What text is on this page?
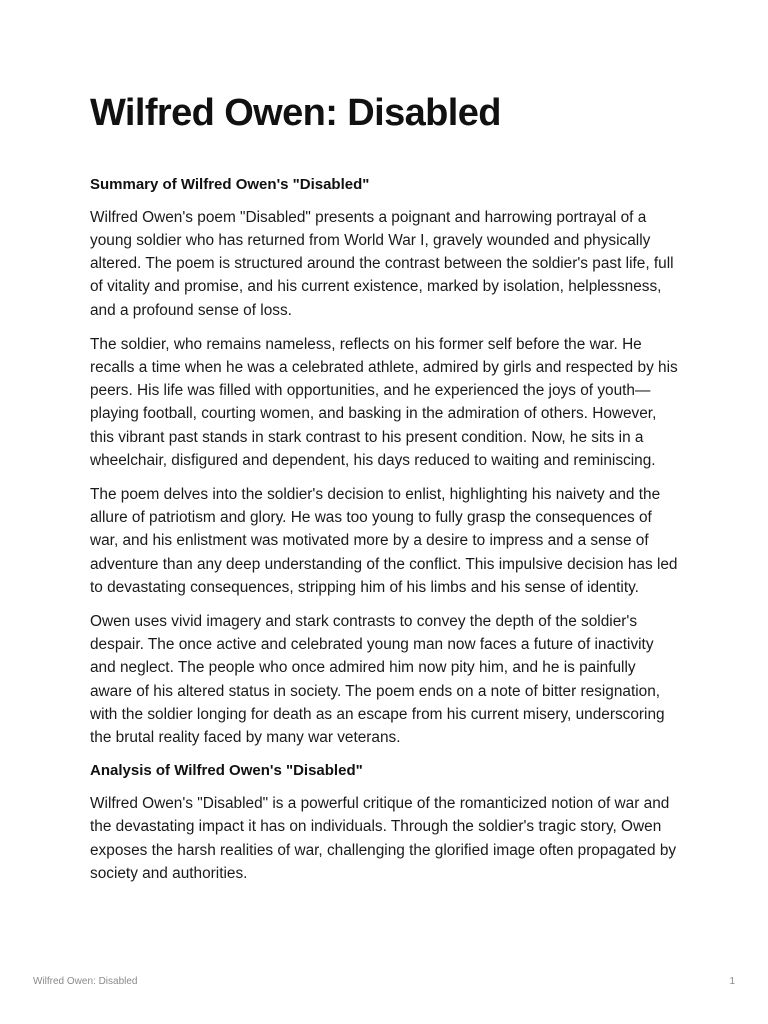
Wilfred Owen: Disabled
Summary of Wilfred Owen's "Disabled"

Wilfred Owen's poem "Disabled" presents a poignant and harrowing portrayal of a young soldier who has returned from World War I, gravely wounded and physically altered. The poem is structured around the contrast between the soldier's past life, full of vitality and promise, and his current existence, marked by isolation, helplessness, and a profound sense of loss.

The soldier, who remains nameless, reflects on his former self before the war. He recalls a time when he was a celebrated athlete, admired by girls and respected by his peers. His life was filled with opportunities, and he experienced the joys of youth—playing football, courting women, and basking in the admiration of others. However, this vibrant past stands in stark contrast to his present condition. Now, he sits in a wheelchair, disfigured and dependent, his days reduced to waiting and reminiscing.

The poem delves into the soldier's decision to enlist, highlighting his naivety and the allure of patriotism and glory. He was too young to fully grasp the consequences of war, and his enlistment was motivated more by a desire to impress and a sense of adventure than any deep understanding of the conflict. This impulsive decision has led to devastating consequences, stripping him of his limbs and his sense of identity.

Owen uses vivid imagery and stark contrasts to convey the depth of the soldier's despair. The once active and celebrated young man now faces a future of inactivity and neglect. The people who once admired him now pity him, and he is painfully aware of his altered status in society. The poem ends on a note of bitter resignation, with the soldier longing for death as an escape from his current misery, underscoring the brutal reality faced by many war veterans.

Analysis of Wilfred Owen's "Disabled"

Wilfred Owen's "Disabled" is a powerful critique of the romanticized notion of war and the devastating impact it has on individuals. Through the soldier's tragic story, Owen exposes the harsh realities of war, challenging the glorified image often propagated by society and authorities.

Wilfred Owen: Disabled	1
